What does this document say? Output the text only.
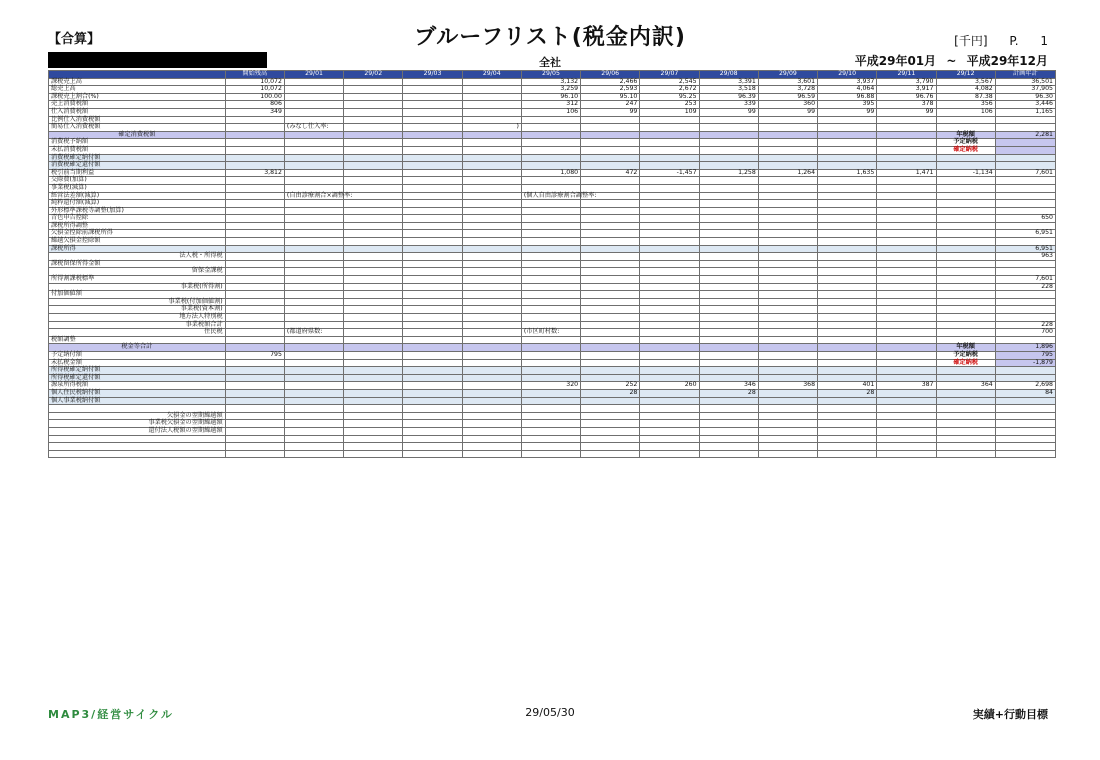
【合算】	ブルーフリスト(税金内訳)	[千円] P. 1
全社	平成29年01月 ~ 平成29年12月
	開始残高	29/01	29/02	29/03	29/04	29/05	29/06	29/07	29/08	29/09	29/10	29/11	29/12	計画年計
課税売上高	10,072					3,132	2,466	2,545	3,391	3,601	3,937	3,790	3,567	36,501
総売上高	10,072					3,259	2,593	2,672	3,518	3,728	4,064	3,917	4,082	37,905
課税売上割合(%)	100.00					96.10	95.10	95.25	96.39	96.59	96.88	96.76	87.38	96.30
売上消費税額	806					312	247	253	339	360	395	378	356	3,446
仕入消費税額	349					106	99	109	99	99	99	99	106	1,165
比例仕入消費税額														
簡易仕入消費税額		(みなし仕入率:			)									
確定消費税額													年税額	2,281
消費税予納額													予定納税	
未払消費税額													確定納税	
消費税確定納付額														
消費税確定還付額														
税引前当期利益	3,812					1,080	472	-1,457	1,258	1,264	1,635	1,471	-1,134	7,601
交際費(加算)														
事業税(減算)														
經営法差額(減算)		(自由診療割合×調整率:				(個人自由診療割合調整率:								
純粋還付額(減算)														
外形標準課税等調整(加算)														
青色申告控除														650
課税所得調整														
欠損金控除前課税所得														6,951
繰越欠損金控除額														
課税所得														6,951
法人税・所得税														963
課税留保所得金額														
留保金課税														
所得割課税標準														7,601
事業税(所得割)														228
付加価値額														
事業税(付加価値割)														
事業税(資本割)														
地方法人特別税														
事業税額合計														228
住民税		(都道府県数:				(市区町村数:								700
税額調整														
税金等合計													年税額	1,896
予定納付額	795												予定納税	795
未払税金額													確定納税	-1,879
所得税確定納付額														
所得税確定還付額														
源泉所得税額						320	252	260	346	368	401	387	364	2,698
個人住民税納付額							28		28		28			84
個人事業税納付額														

欠損金の翌期繰越額														
事業税欠損金の翌期繰越額														
還付法人税額の翌期繰越額														

MAP3/経営サイクル	29/05/30	実績+行動目標
